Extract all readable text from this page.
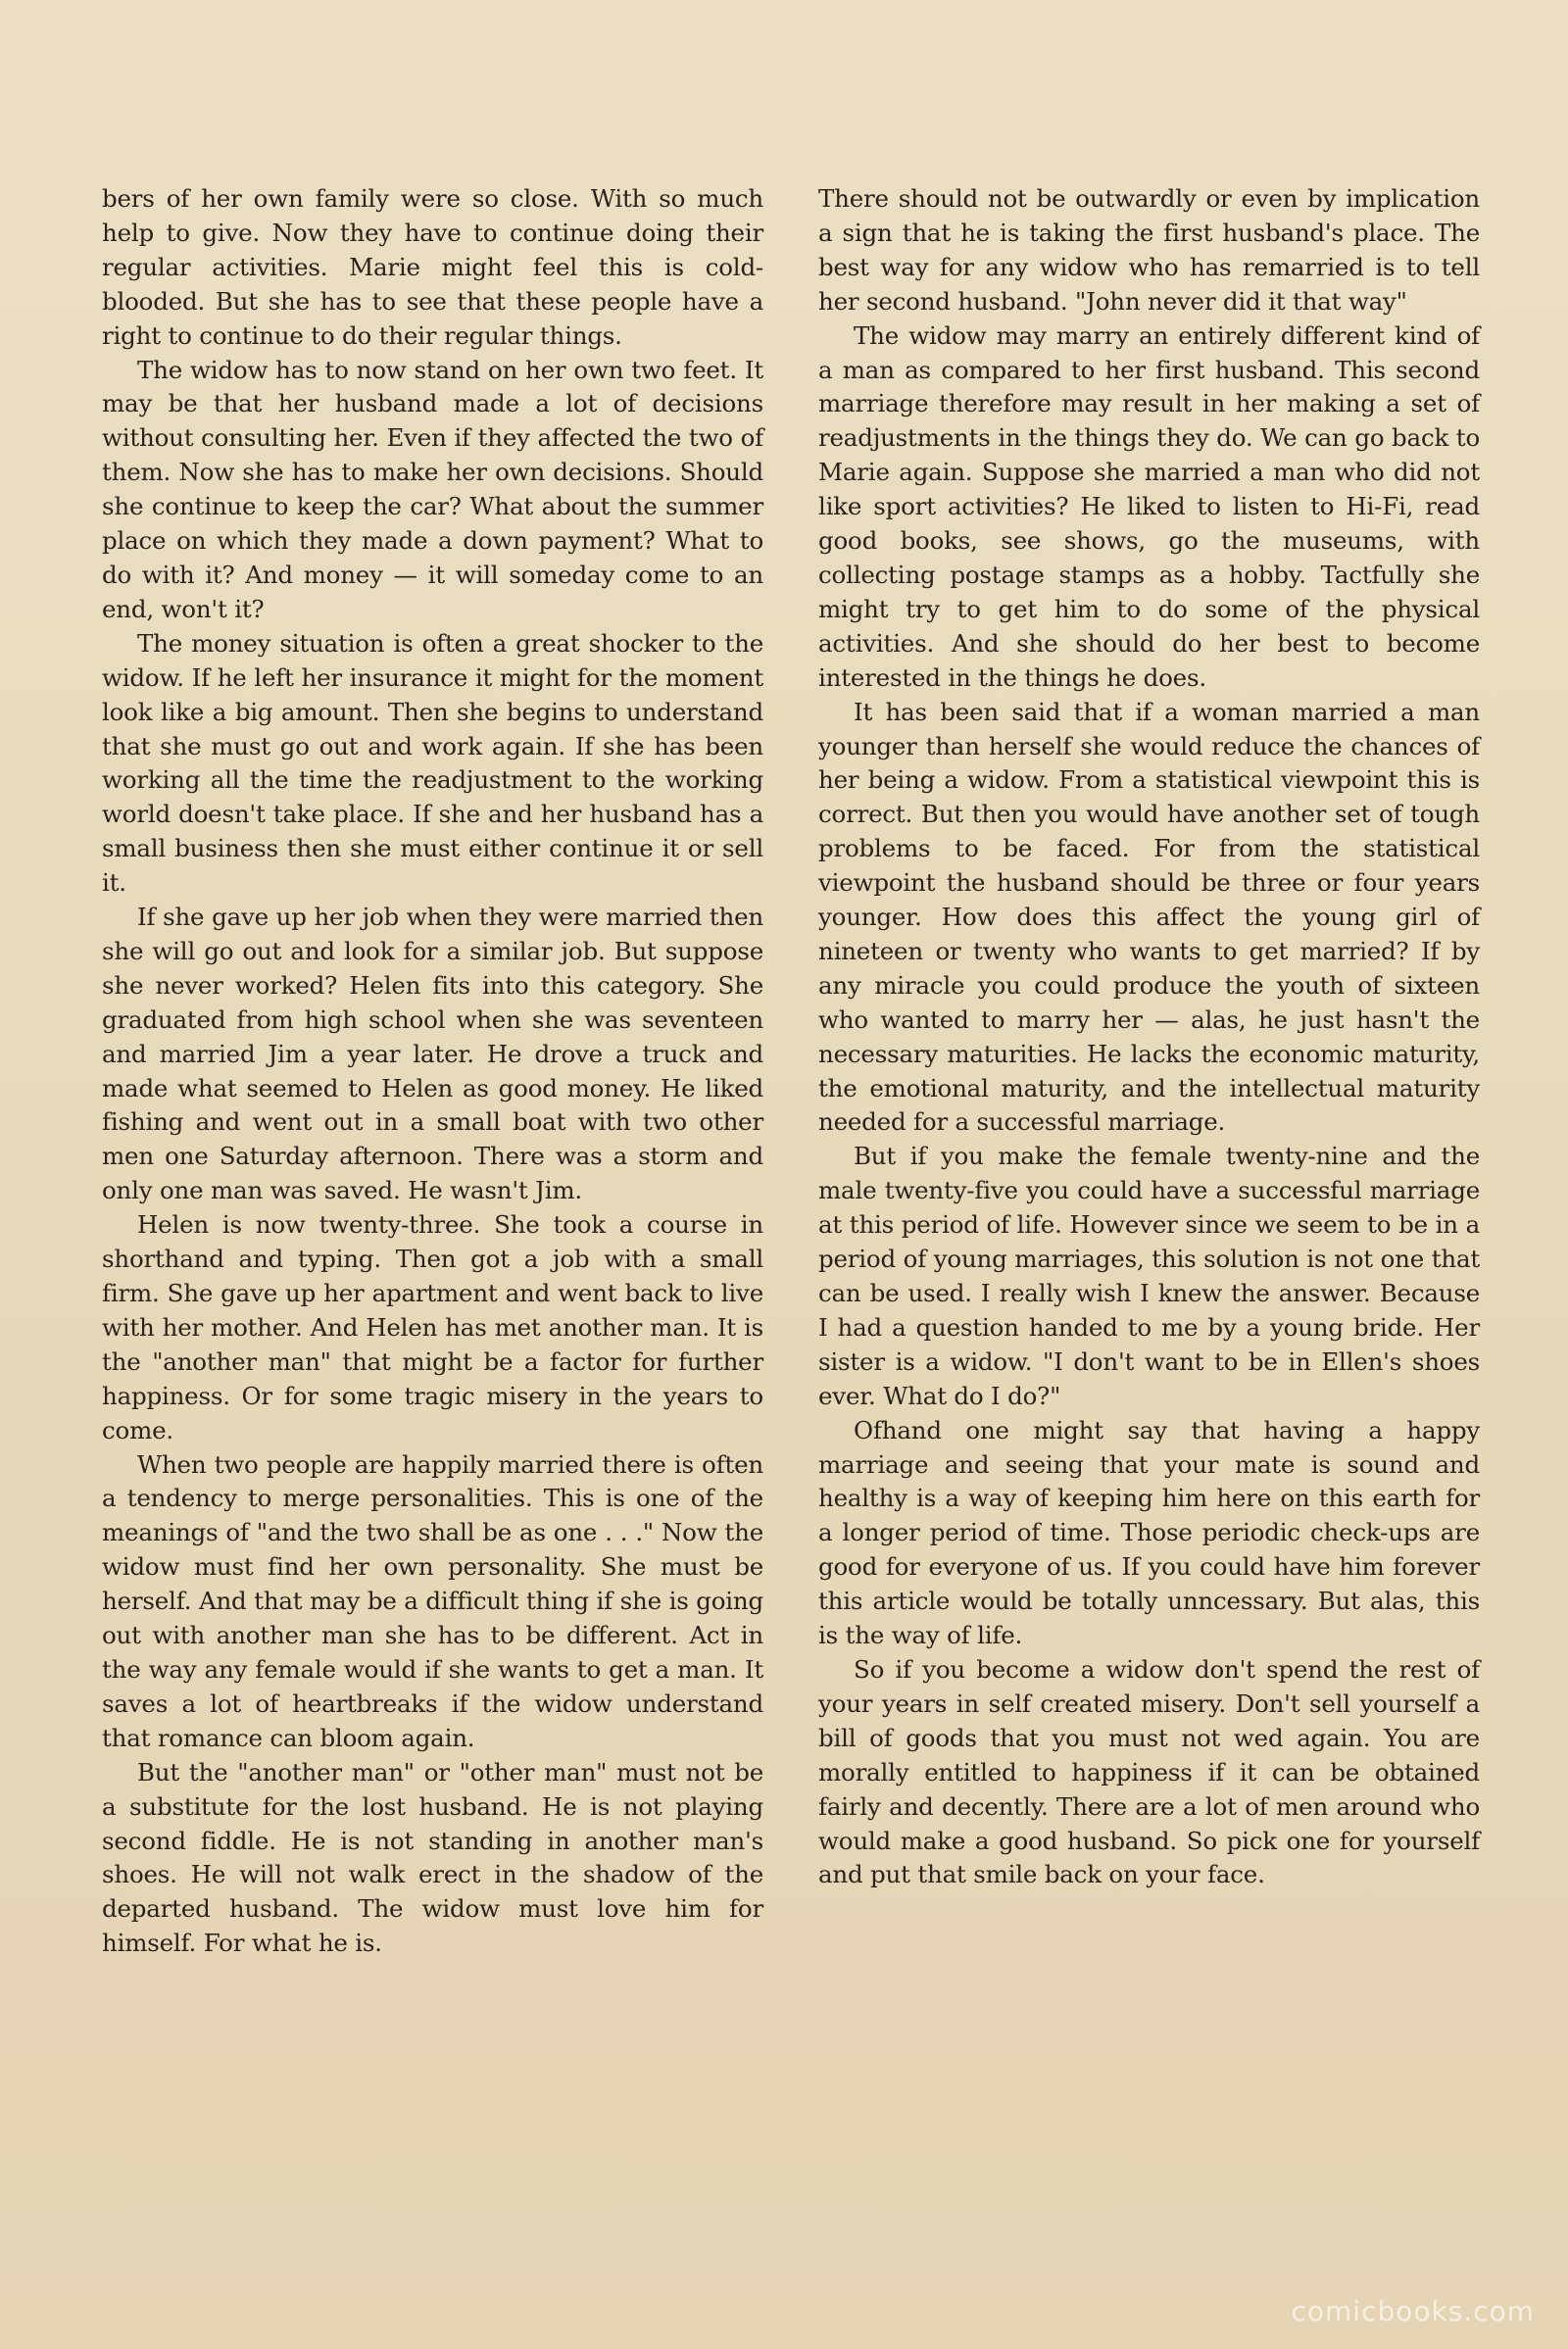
bers of her own family were so close. With so much help to give. Now they have to continue doing their regular activities. Marie might feel this is cold-blooded. But she has to see that these people have a right to continue to do their regular things.

The widow has to now stand on her own two feet. It may be that her husband made a lot of decisions without consulting her. Even if they affected the two of them. Now she has to make her own decisions. Should she continue to keep the car? What about the summer place on which they made a down payment? What to do with it? And money — it will someday come to an end, won't it?

The money situation is often a great shocker to the widow. If he left her insurance it might for the moment look like a big amount. Then she begins to understand that she must go out and work again. If she has been working all the time the readjustment to the working world doesn't take place. If she and her husband has a small business then she must either continue it or sell it.

If she gave up her job when they were married then she will go out and look for a similar job. But suppose she never worked? Helen fits into this category. She graduated from high school when she was seventeen and married Jim a year later. He drove a truck and made what seemed to Helen as good money. He liked fishing and went out in a small boat with two other men one Saturday afternoon. There was a storm and only one man was saved. He wasn't Jim.

Helen is now twenty-three. She took a course in shorthand and typing. Then got a job with a small firm. She gave up her apartment and went back to live with her mother. And Helen has met another man. It is the "another man" that might be a factor for further happiness. Or for some tragic misery in the years to come.

When two people are happily married there is often a tendency to merge personalities. This is one of the meanings of "and the two shall be as one . . ." Now the widow must find her own personality. She must be herself. And that may be a difficult thing if she is going out with another man she has to be different. Act in the way any female would if she wants to get a man. It saves a lot of heartbreaks if the widow understand that romance can bloom again.

But the "another man" or "other man" must not be a substitute for the lost husband. He is not playing second fiddle. He is not standing in another man's shoes. He will not walk erect in the shadow of the departed husband. The widow must love him for himself. For what he is.

There should not be outwardly or even by implication a sign that he is taking the first husband's place. The best way for any widow who has remarried is to tell her second husband. "John never did it that way"

The widow may marry an entirely different kind of a man as compared to her first husband. This second marriage therefore may result in her making a set of readjustments in the things they do. We can go back to Marie again. Suppose she married a man who did not like sport activities? He liked to listen to Hi-Fi, read good books, see shows, go the museums, with collecting postage stamps as a hobby. Tactfully she might try to get him to do some of the physical activities. And she should do her best to become interested in the things he does.

It has been said that if a woman married a man younger than herself she would reduce the chances of her being a widow. From a statistical viewpoint this is correct. But then you would have another set of tough problems to be faced. For from the statistical viewpoint the husband should be three or four years younger. How does this affect the young girl of nineteen or twenty who wants to get married? If by any miracle you could produce the youth of sixteen who wanted to marry her — alas, he just hasn't the necessary maturities. He lacks the economic maturity, the emotional maturity, and the intellectual maturity needed for a successful marriage.

But if you make the female twenty-nine and the male twenty-five you could have a successful marriage at this period of life. However since we seem to be in a period of young marriages, this solution is not one that can be used. I really wish I knew the answer. Because I had a question handed to me by a young bride. Her sister is a widow. "I don't want to be in Ellen's shoes ever. What do I do?"

Ofhand one might say that having a happy marriage and seeing that your mate is sound and healthy is a way of keeping him here on this earth for a longer period of time. Those periodic check-ups are good for everyone of us. If you could have him forever this article would be totally unncessary. But alas, this is the way of life.

So if you become a widow don't spend the rest of your years in self created misery. Don't sell yourself a bill of goods that you must not wed again. You are morally entitled to happiness if it can be obtained fairly and decently. There are a lot of men around who would make a good husband. So pick one for yourself and put that smile back on your face.

comicbooks.com
